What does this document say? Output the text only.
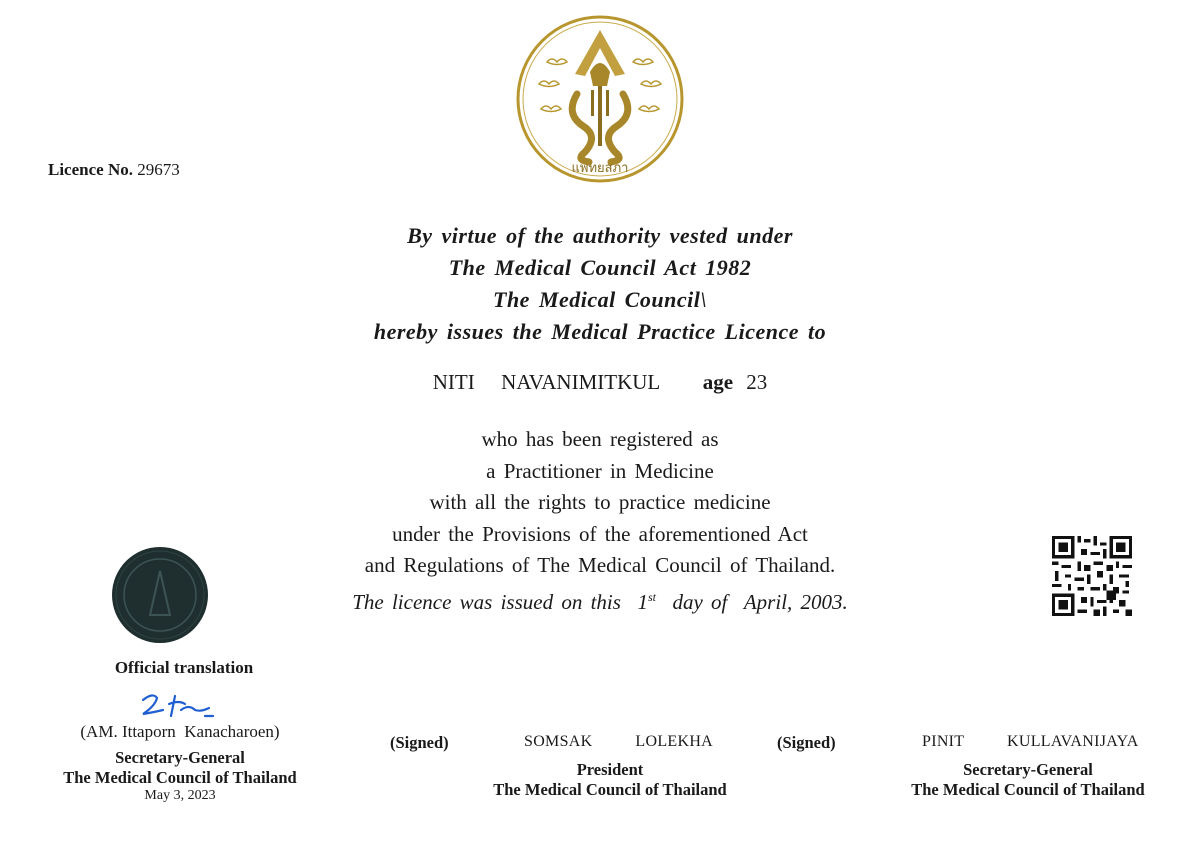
Licence No. 29673	แพทยสภา
By virtue of the authority vested under
The Medical Council Act 1982
The Medical Council\
hereby issues the Medical Practice Licence to
NITI  NAVANIMITKUL age 23
who has been registered as
a Practitioner in Medicine
with all the rights to practice medicine
under the Provisions of the aforementioned Act
and Regulations of The Medical Council of Thailand.
The licence was issued on this 1st day of April, 2003.
Official translation
(AM. Ittaporn  Kanacharoen)
Secretary-General
The Medical Council of Thailand
May 3, 2023
(Signed)	SOMSAK   LOLEKHA
President
The Medical Council of Thailand
(Signed)	PINIT   KULLAVANIJAYA
Secretary-General
The Medical Council of Thailand
